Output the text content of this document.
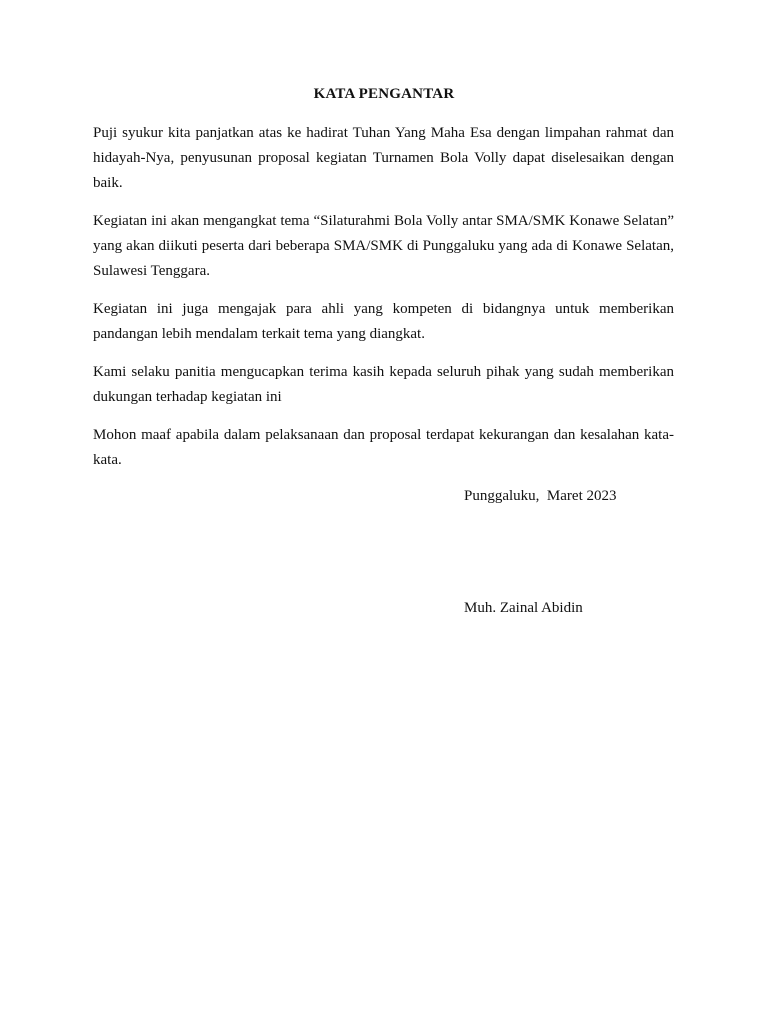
KATA PENGANTAR

Puji syukur kita panjatkan atas ke hadirat Tuhan Yang Maha Esa dengan limpahan rahmat dan hidayah-Nya, penyusunan proposal kegiatan Turnamen Bola Volly dapat diselesaikan dengan baik.

Kegiatan ini akan mengangkat tema “Silaturahmi Bola Volly antar SMA/SMK Konawe Selatan” yang akan diikuti peserta dari beberapa SMA/SMK di Punggaluku yang ada di Konawe Selatan, Sulawesi Tenggara.

Kegiatan ini juga mengajak para ahli yang kompeten di bidangnya untuk memberikan pandangan lebih mendalam terkait tema yang diangkat.

Kami selaku panitia mengucapkan terima kasih kepada seluruh pihak yang sudah memberikan dukungan terhadap kegiatan ini

Mohon maaf apabila dalam pelaksanaan dan proposal terdapat kekurangan dan kesalahan kata-kata.

Punggaluku,  Maret 2023
Muh. Zainal Abidin
